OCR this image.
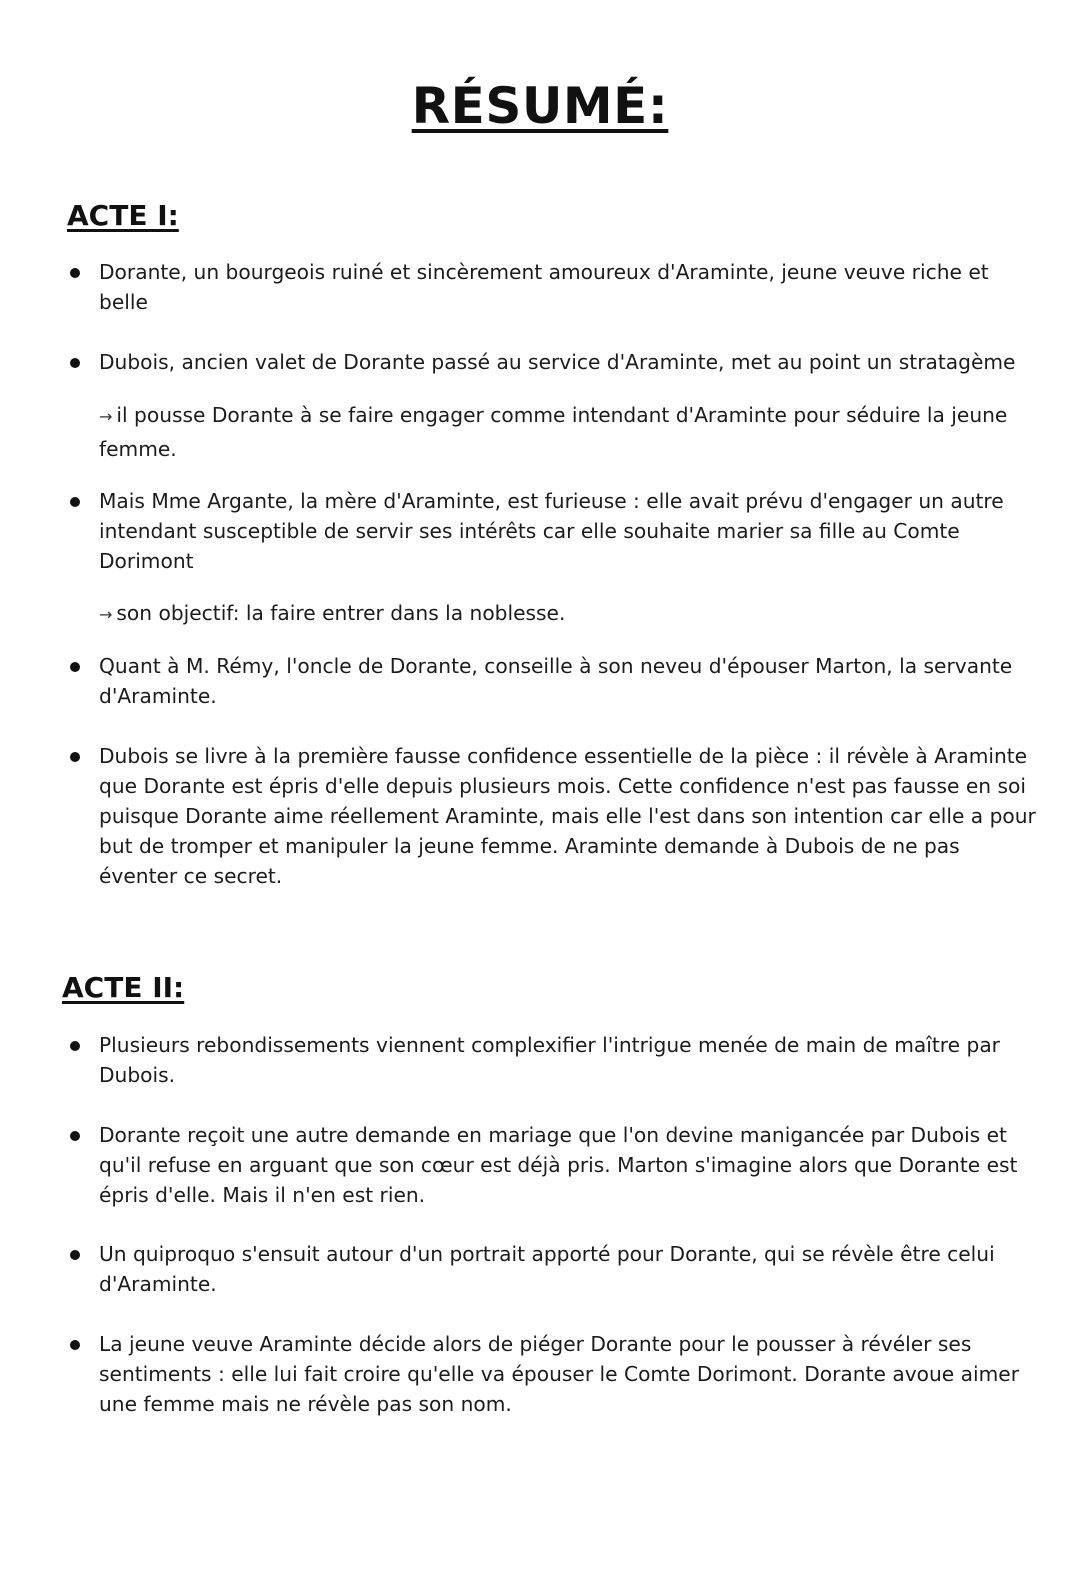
RÉSUMÉ:
ACTE I:
Dorante, un bourgeois ruiné et sincèrement amoureux d'Araminte, jeune veuve riche et belle
Dubois, ancien valet de Dorante passé au service d'Araminte, met au point un stratagème
→ il pousse Dorante à se faire engager comme intendant d'Araminte pour séduire la jeune femme.
Mais Mme Argante, la mère d'Araminte, est furieuse : elle avait prévu d'engager un autre intendant susceptible de servir ses intérêts car elle souhaite marier sa fille au Comte Dorimont
→ son objectif: la faire entrer dans la noblesse.
Quant à M. Rémy, l'oncle de Dorante, conseille à son neveu d'épouser Marton, la servante d'Araminte.
Dubois se livre à la première fausse confidence essentielle de la pièce : il révèle à Araminte que Dorante est épris d'elle depuis plusieurs mois. Cette confidence n'est pas fausse en soi puisque Dorante aime réellement Araminte, mais elle l'est dans son intention car elle a pour but de tromper et manipuler la jeune femme. Araminte demande à Dubois de ne pas éventer ce secret.
ACTE II:
Plusieurs rebondissements viennent complexifier l'intrigue menée de main de maître par Dubois.
Dorante reçoit une autre demande en mariage que l'on devine manigancée par Dubois et qu'il refuse en arguant que son cœur est déjà pris. Marton s'imagine alors que Dorante est épris d'elle. Mais il n'en est rien.
Un quiproquo s'ensuit autour d'un portrait apporté pour Dorante, qui se révèle être celui d'Araminte.
La jeune veuve Araminte décide alors de piéger Dorante pour le pousser à révéler ses sentiments : elle lui fait croire qu'elle va épouser le Comte Dorimont. Dorante avoue aimer une femme mais ne révèle pas son nom.
